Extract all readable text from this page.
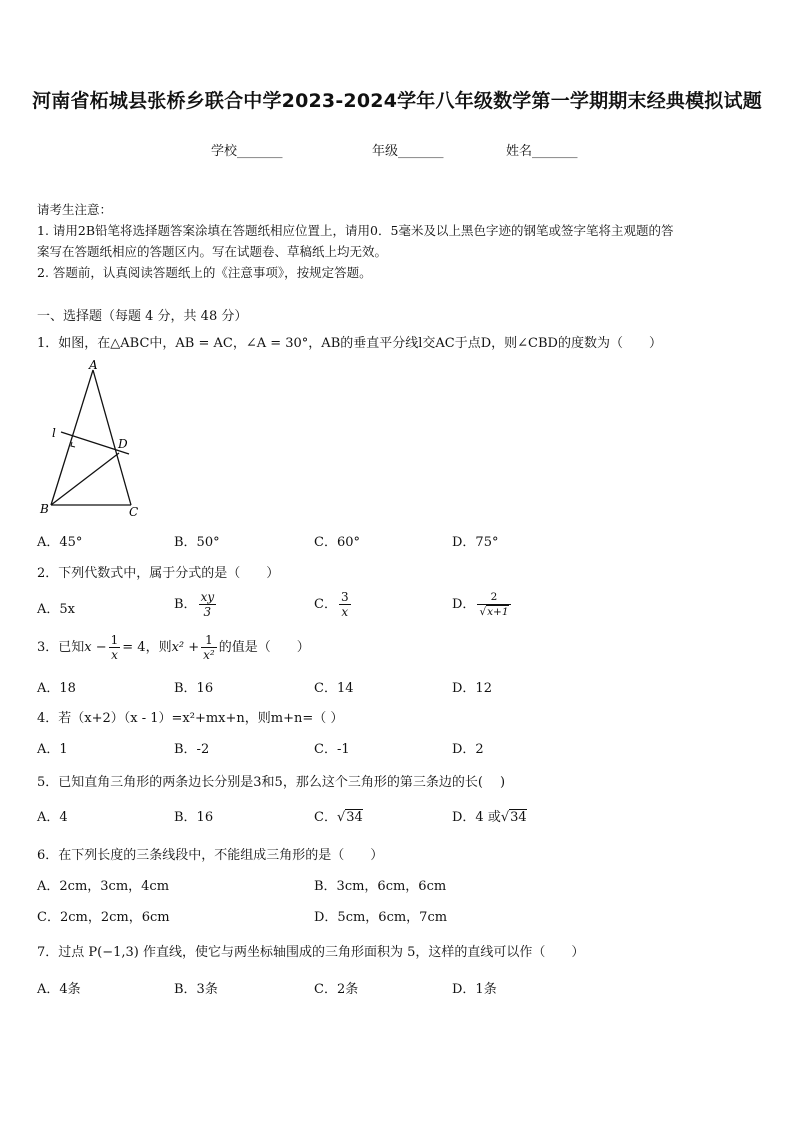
河南省柘城县张桥乡联合中学2023-2024学年八年级数学第一学期期末经典模拟试题
学校_______	年级_______	姓名_______
请考生注意：
1. 请用2B铅笔将选择题答案涂填在答题纸相应位置上，请用0．5毫米及以上黑色字迹的钢笔或签字笔将主观题的答
案写在答题纸相应的答题区内。写在试题卷、草稿纸上均无效。
2. 答题前，认真阅读答题纸上的《注意事项》，按规定答题。
一、选择题（每题 4 分，共 48 分）
1．如图，在△ABC中，AB = AC，∠A = 30°，AB的垂直平分线l交AC于点D，则∠CBD的度数为（　　）
A
B	C
D
l
A．45°	B．50°	C．60°	D．75°
2．下列代数式中，属于分式的是（　　）
A．5x	B． $\frac{xy}{3}$	C． $\frac{3}{x}$	D． $\frac{2}{√x+1}$
3．已知$x - \frac{1}{x} = 4$，则$x^2 + \frac{1}{\text{x²}}$ 的值是（　　）
A．18	B．16	C．14	D．12
4．若（x+2）（x - 1）=x²+mx+n，则m+n=（ ）
A．1	B．-2	C．-1	D．2
5．已知直角三角形的两条边长分别是3和5，那么这个三角形的第三条边的长(　 )
A．4	B．16	C．√34	D．4 或√34
6．在下列长度的三条线段中，不能组成三角形的是（　　）
A．2cm，3cm，4cm	B．3cm，6cm，6cm
C．2cm，2cm，6cm	D．5cm，6cm，7cm
7．过点 P(−1,3) 作直线，使它与两坐标轴围成的三角形面积为 5，这样的直线可以作（　　）
A．4条	B．3条	C．2条	D．1条
